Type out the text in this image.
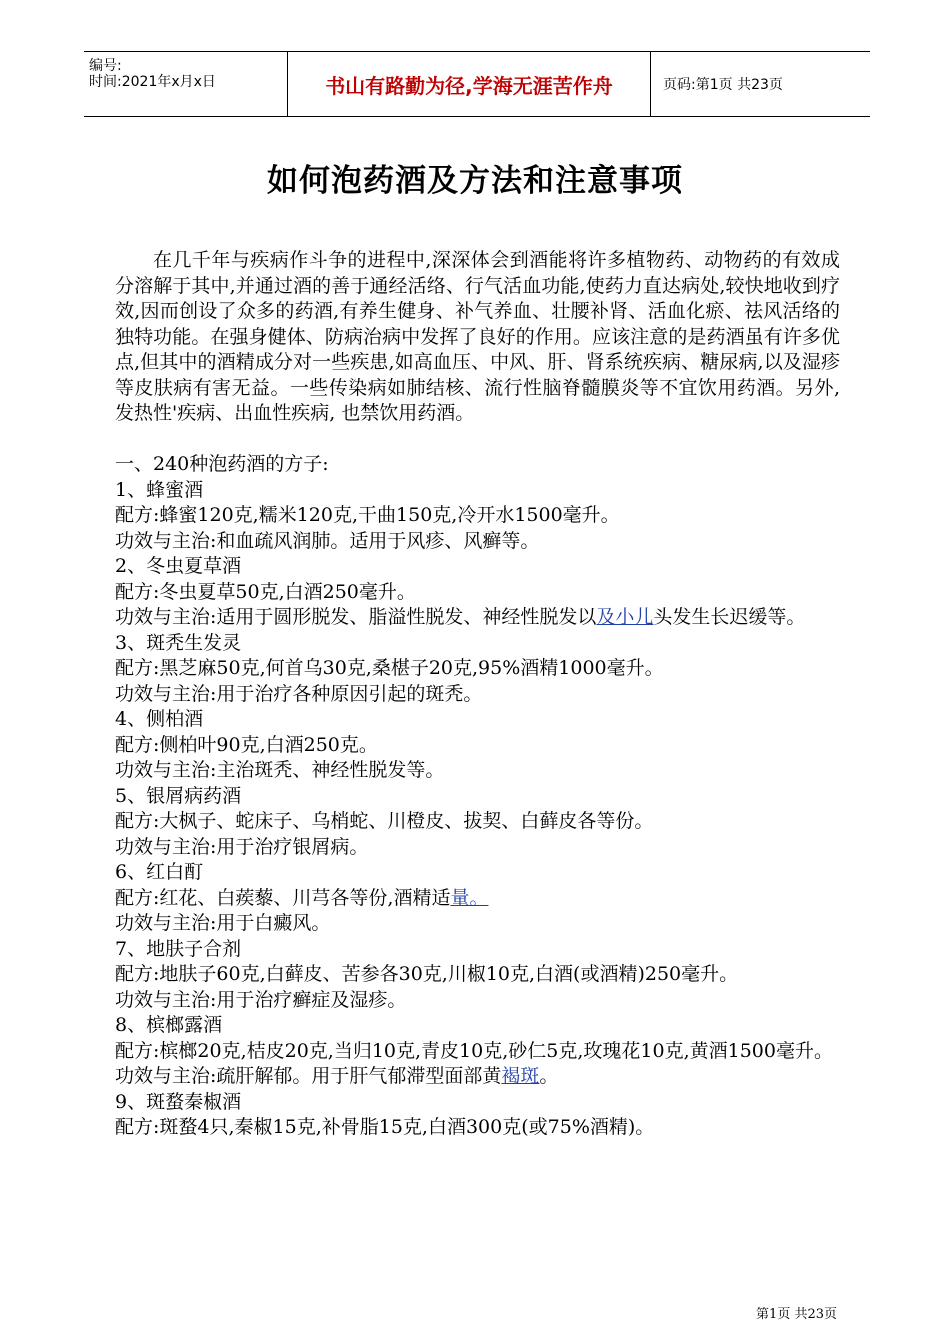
编号:
时间:2021年x月x日	书山有路勤为径,学海无涯苦作舟	页码:第1页 共23页
如何泡药酒及方法和注意事项

在几千年与疾病作斗争的进程中,深深体会到酒能将许多植物药、动物药的有效成分溶解于其中,并通过酒的善于通经活络、行气活血功能,使药力直达病处,较快地收到疗效,因而创设了众多的药酒,有养生健身、补气养血、壮腰补肾、活血化瘀、祛风活络的独特功能。在强身健体、防病治病中发挥了良好的作用。应该注意的是药酒虽有许多优点,但其中的酒精成分对一些疾患,如高血压、中风、肝、肾系统疾病、糖尿病,以及湿疹等皮肤病有害无益。一些传染病如肺结核、流行性脑脊髓膜炎等不宜饮用药酒。另外,发热性'疾病、出血性疾病, 也禁饮用药酒。

一、240种泡药酒的方子:

1、蜂蜜酒

配方:蜂蜜120克,糯米120克,干曲150克,冷开水1500毫升。

功效与主治:和血疏风润肺。适用于风疹、风癣等。

2、冬虫夏草酒

配方:冬虫夏草50克,白酒250毫升。

功效与主治:适用于圆形脱发、脂溢性脱发、神经性脱发以及小儿头发生长迟缓等。

3、斑秃生发灵

配方:黑芝麻50克,何首乌30克,桑椹子20克,95%酒精1000毫升。

功效与主治:用于治疗各种原因引起的斑秃。

4、侧柏酒

配方:侧柏叶90克,白酒250克。

功效与主治:主治斑秃、神经性脱发等。

5、银屑病药酒

配方:大枫子、蛇床子、乌梢蛇、川橙皮、拔契、白藓皮各等份。

功效与主治:用于治疗银屑病。

6、红白酊

配方:红花、白蒺藜、川芎各等份,酒精适量。

功效与主治:用于白癜风。

7、地肤子合剂

配方:地肤子60克,白藓皮、苦参各30克,川椒10克,白酒(或酒精)250毫升。

功效与主治:用于治疗癣症及湿疹。

8、槟榔露酒

配方:槟榔20克,桔皮20克,当归10克,青皮10克,砂仁5克,玫瑰花10克,黄酒1500毫升。

功效与主治:疏肝解郁。用于肝气郁滞型面部黄褐斑。

9、斑蝥秦椒酒

配方:斑蝥4只,秦椒15克,补骨脂15克,白酒300克(或75%酒精)。

第1页 共23页
